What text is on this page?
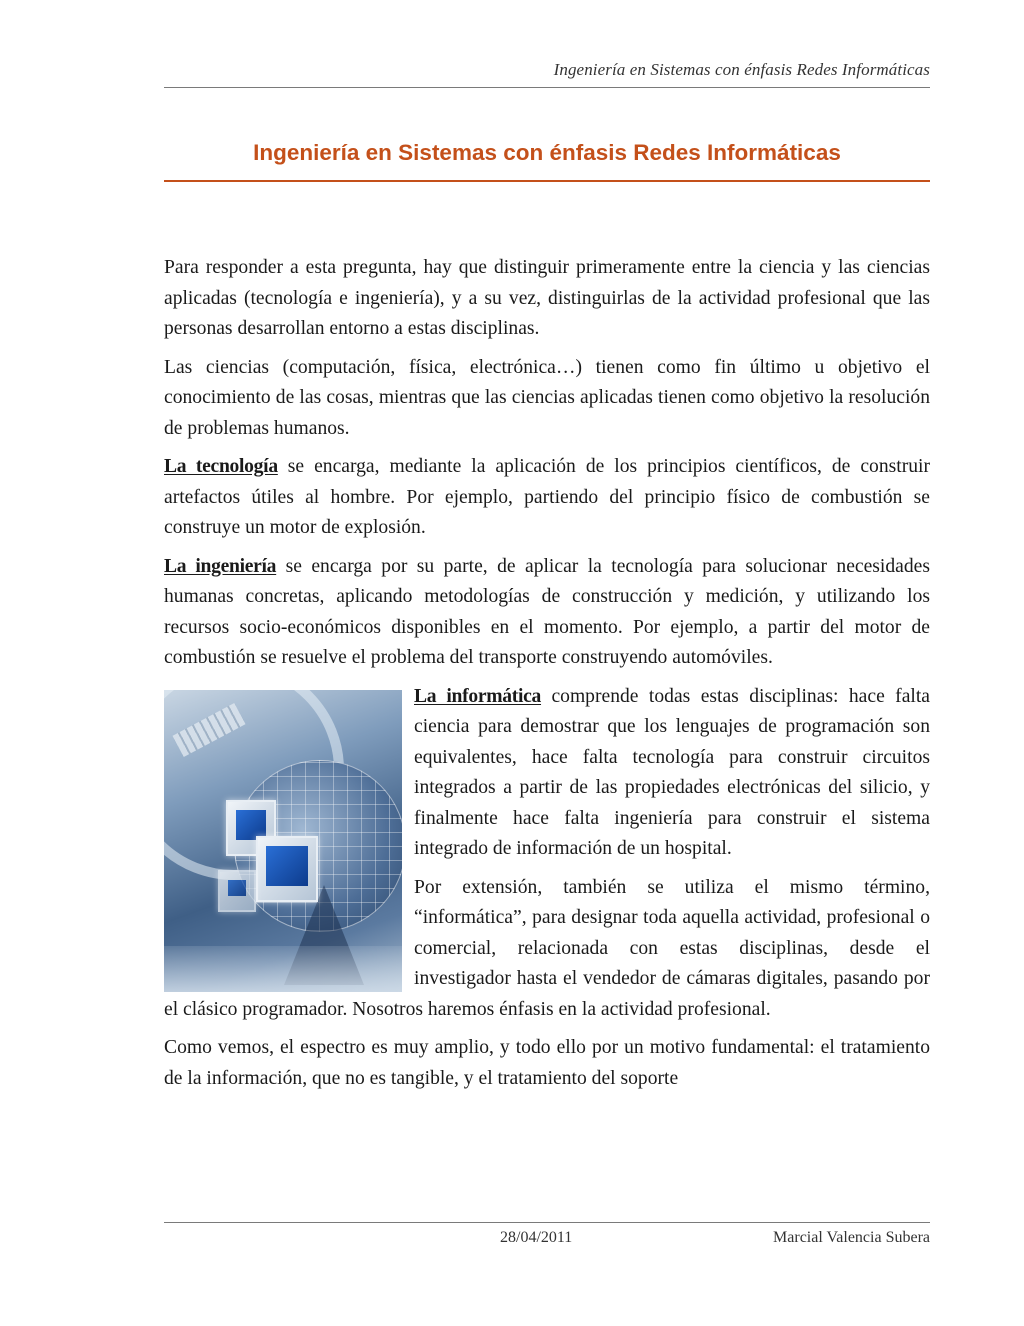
Ingeniería en Sistemas con énfasis Redes Informáticas
Ingeniería en Sistemas con énfasis Redes Informáticas

Para responder a esta pregunta, hay que distinguir primeramente entre la ciencia y las ciencias aplicadas (tecnología e ingeniería), y a su vez, distinguirlas de la actividad profesional que las personas desarrollan entorno a estas disciplinas.

Las ciencias (computación, física, electrónica…) tienen como fin último u objetivo el conocimiento de las cosas, mientras que las ciencias aplicadas tienen como objetivo la resolución de problemas humanos.

La tecnología se encarga, mediante la aplicación de los principios científicos, de construir artefactos útiles al hombre. Por ejemplo, partiendo del principio físico de combustión se construye un motor de explosión.

La ingeniería se encarga por su parte, de aplicar la tecnología para solucionar necesidades humanas concretas, aplicando metodologías de construcción y medición, y utilizando los recursos socio-económicos disponibles en el momento. Por ejemplo, a partir del motor de combustión se resuelve el problema del transporte construyendo automóviles.

La informática comprende todas estas disciplinas: hace falta ciencia para demostrar que los lenguajes de programación son equivalentes, hace falta tecnología para construir circuitos integrados a partir de las propiedades electrónicas del silicio, y finalmente hace falta ingeniería para construir el sistema integrado de información de un hospital.

Por extensión, también se utiliza el mismo término, “informática”, para designar toda aquella actividad, profesional o comercial, relacionada con estas disciplinas, desde el investigador hasta el vendedor de cámaras digitales, pasando por el clásico programador. Nosotros haremos énfasis en la actividad profesional.

Como vemos, el espectro es muy amplio, y todo ello por un motivo fundamental: el tratamiento de la información, que no es tangible, y el tratamiento del soporte

28/04/2011	Marcial Valencia Subera
